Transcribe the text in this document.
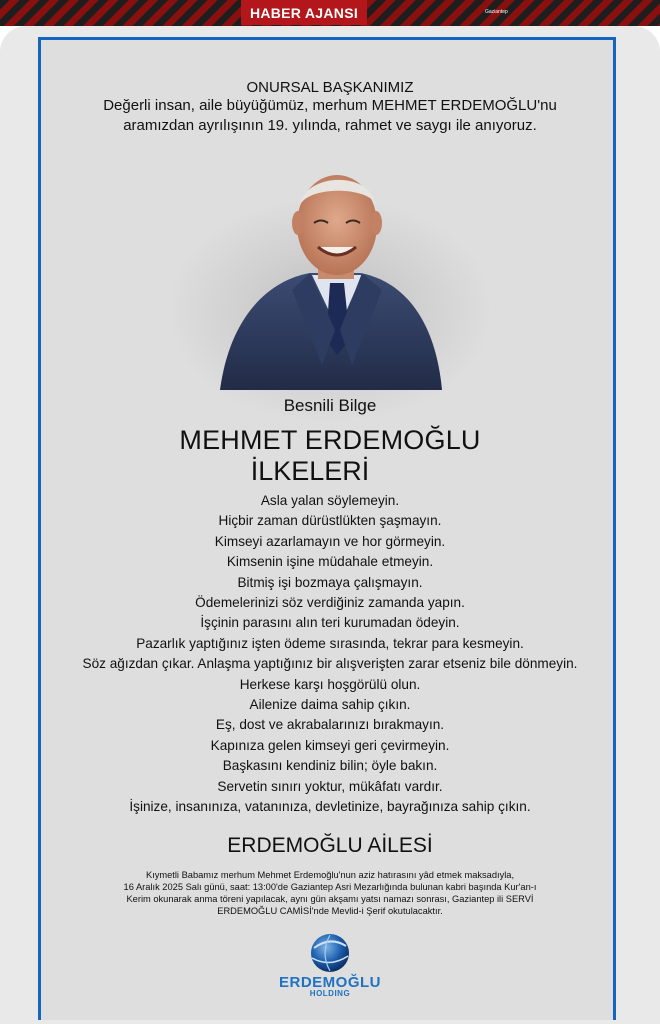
Gaziantep
HABER AJANSI
ONURSAL BAŞKANIMIZ
Değerli insan, aile büyüğümüz, merhum MEHMET ERDEMOĞLU'nu
aramızdan ayrılışının 19. yılında, rahmet ve saygı ile anıyoruz.
Besnili Bilge
MEHMET ERDEMOĞLU
İLKELERİ
Asla yalan söylemeyin.
Hiçbir zaman dürüstlükten şaşmayın.
Kimseyi azarlamayın ve hor görmeyin.
Kimsenin işine müdahale etmeyin.
Bitmiş işi bozmaya çalışmayın.
Ödemelerinizi söz verdiğiniz zamanda yapın.
İşçinin parasını alın teri kurumadan ödeyin.
Pazarlık yaptığınız işten ödeme sırasında, tekrar para kesmeyin.
Söz ağızdan çıkar. Anlaşma yaptığınız bir alışverişten zarar etseniz bile dönmeyin.
Herkese karşı hoşgörülü olun.
Ailenize daima sahip çıkın.
Eş, dost ve akrabalarınızı bırakmayın.
Kapınıza gelen kimseyi geri çevirmeyin.
Başkasını kendiniz bilin; öyle bakın.
Servetin sınırı yoktur, mükâfatı vardır.
İşinize, insanınıza, vatanınıza, devletinize, bayrağınıza sahip çıkın.
ERDEMOĞLU AİLESİ
Kıymetli Babamız merhum Mehmet Erdemoğlu'nun aziz hatırasını yâd etmek maksadıyla,
16 Aralık 2025 Salı günü, saat: 13:00'de Gaziantep Asri Mezarlığında bulunan kabri başında Kur'an-ı
Kerim okunarak anma töreni yapılacak, aynı gün akşamı yatsı namazı sonrası, Gaziantep ili SERVİ
ERDEMOĞLU CAMİSİ'nde Mevlid-i Şerif okutulacaktır.
ERDEMOĞLU
HOLDING
